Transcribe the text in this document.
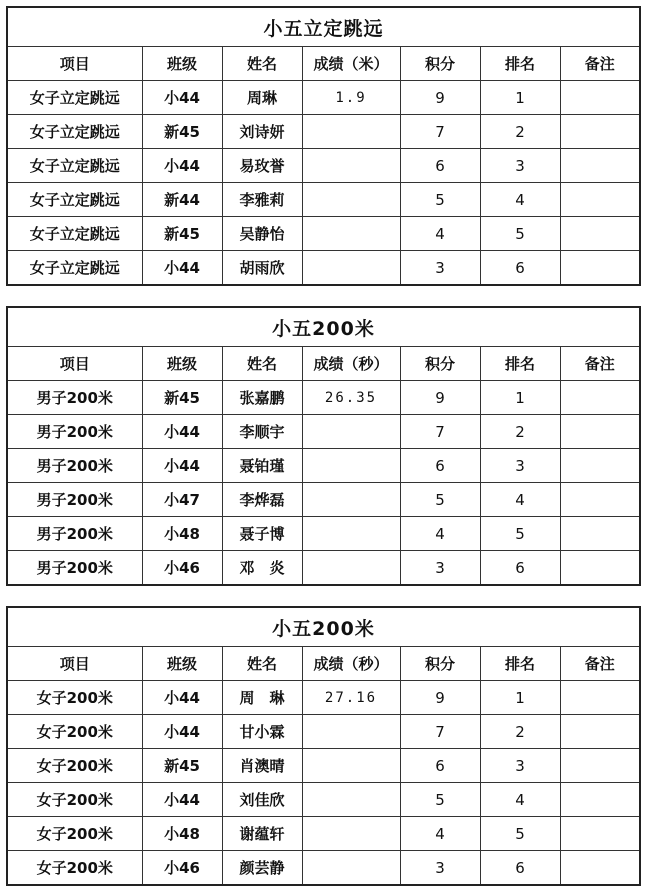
小五立定跳远						
项目	班级	姓名	成绩（米）	积分	排名	备注
女子立定跳远	小44	周琳	1.9	9	1	
女子立定跳远	新45	刘诗妍		7	2	
女子立定跳远	小44	易玫誉		6	3	
女子立定跳远	新44	李雅莉		5	4	
女子立定跳远	新45	吴静怡		4	5	
女子立定跳远	小44	胡雨欣		3	6	
小五200米						
项目	班级	姓名	成绩（秒）	积分	排名	备注
男子200米	新45	张嘉鹏	26.35	9	1	
男子200米	小44	李顺宇		7	2	
男子200米	小44	聂铂瑾		6	3	
男子200米	小47	李烨磊		5	4	
男子200米	小48	聂子博		4	5	
男子200米	小46	邓　炎		3	6	
小五200米						
项目	班级	姓名	成绩（秒）	积分	排名	备注
女子200米	小44	周　琳	27.16	9	1	
女子200米	小44	甘小霖		7	2	
女子200米	新45	肖澳晴		6	3	
女子200米	小44	刘佳欣		5	4	
女子200米	小48	谢蕴轩		4	5	
女子200米	小46	颜芸静		3	6	
